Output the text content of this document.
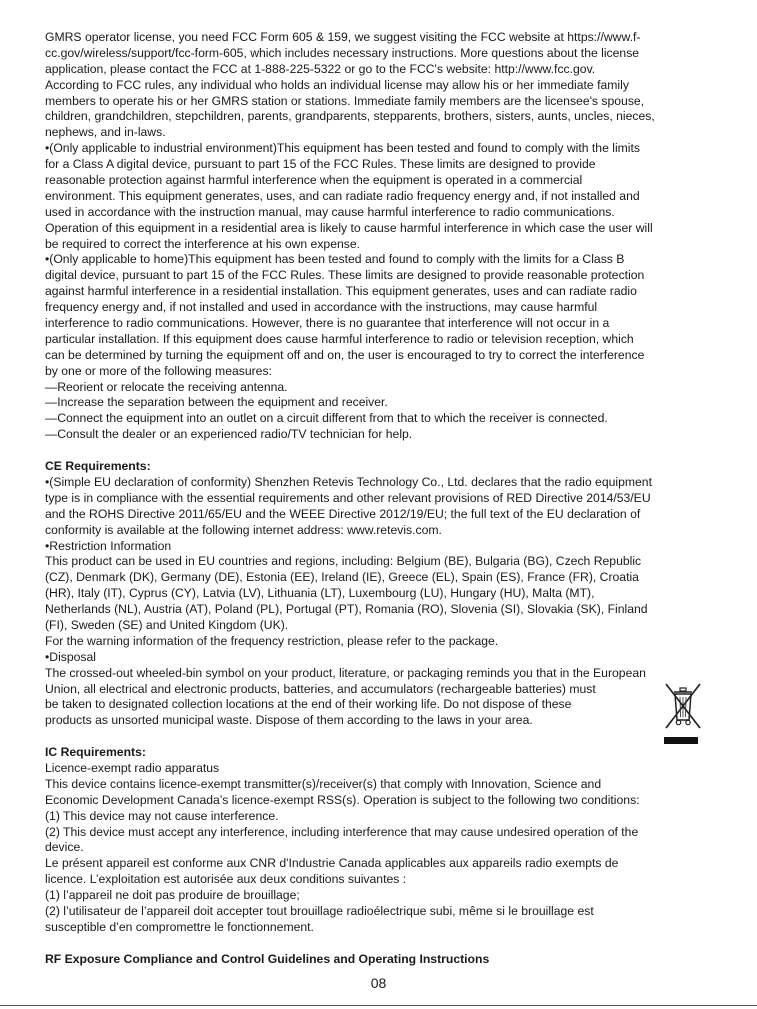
GMRS operator license, you need FCC Form 605 & 159, we suggest visiting the FCC website at https://www.f-
cc.gov/wireless/support/fcc-form-605, which includes necessary instructions. More questions about the license
application, please contact the FCC at 1-888-225-5322 or go to the FCC's website: http://www.fcc.gov.
According to FCC rules, any individual who holds an individual license may allow his or her immediate family
members to operate his or her GMRS station or stations. Immediate family members are the licensee's spouse,
children, grandchildren, stepchildren, parents, grandparents, stepparents, brothers, sisters, aunts, uncles, nieces,
nephews, and in-laws.
•(Only applicable to industrial environment)This equipment has been tested and found to comply with the limits
for a Class A digital device, pursuant to part 15 of the FCC Rules. These limits are designed to provide
reasonable protection against harmful interference when the equipment is operated in a commercial
environment. This equipment generates, uses, and can radiate radio frequency energy and, if not installed and
used in accordance with the instruction manual, may cause harmful interference to radio communications.
Operation of this equipment in a residential area is likely to cause harmful interference in which case the user will
be required to correct the interference at his own expense.
•(Only applicable to home)This equipment has been tested and found to comply with the limits for a Class B
digital device, pursuant to part 15 of the FCC Rules. These limits are designed to provide reasonable protection
against harmful interference in a residential installation. This equipment generates, uses and can radiate radio
frequency energy and, if not installed and used in accordance with the instructions, may cause harmful
interference to radio communications. However, there is no guarantee that interference will not occur in a
particular installation. If this equipment does cause harmful interference to radio or television reception, which
can be determined by turning the equipment off and on, the user is encouraged to try to correct the interference
by one or more of the following measures:
—Reorient or relocate the receiving antenna.
—Increase the separation between the equipment and receiver.
—Connect the equipment into an outlet on a circuit different from that to which the receiver is connected.
—Consult the dealer or an experienced radio/TV technician for help.
CE Requirements:
•(Simple EU declaration of conformity) Shenzhen Retevis Technology Co., Ltd. declares that the radio equipment
type is in compliance with the essential requirements and other relevant provisions of RED Directive 2014/53/EU
and the ROHS Directive 2011/65/EU and the WEEE Directive 2012/19/EU; the full text of the EU declaration of
conformity is available at the following internet address: www.retevis.com.
•Restriction Information
This product can be used in EU countries and regions, including: Belgium (BE), Bulgaria (BG), Czech Republic
(CZ), Denmark (DK), Germany (DE), Estonia (EE), Ireland (IE), Greece (EL), Spain (ES), France (FR), Croatia
(HR), Italy (IT), Cyprus (CY), Latvia (LV), Lithuania (LT), Luxembourg (LU), Hungary (HU), Malta (MT),
Netherlands (NL), Austria (AT), Poland (PL), Portugal (PT), Romania (RO), Slovenia (SI), Slovakia (SK), Finland
(FI), Sweden (SE) and United Kingdom (UK).
For the warning information of the frequency restriction, please refer to the package.
•Disposal
The crossed-out wheeled-bin symbol on your product, literature, or packaging reminds you that in the European
Union, all electrical and electronic products, batteries, and accumulators (rechargeable batteries) must
be taken to designated collection locations at the end of their working life. Do not dispose of these
products as unsorted municipal waste. Dispose of them according to the laws in your area.
IC Requirements:
Licence-exempt radio apparatus
This device contains licence-exempt transmitter(s)/receiver(s) that comply with Innovation, Science and
Economic Development Canada’s licence-exempt RSS(s). Operation is subject to the following two conditions:
(1) This device may not cause interference.
(2) This device must accept any interference, including interference that may cause undesired operation of the
device.
Le présent appareil est conforme aux CNR d'Industrie Canada applicables aux appareils radio exempts de
licence. L’exploitation est autorisée aux deux conditions suivantes :
(1) l’appareil ne doit pas produire de brouillage;
(2) l’utilisateur de l’appareil doit accepter tout brouillage radioélectrique subi, même si le brouillage est
susceptible d’en compromettre le fonctionnement.
RF Exposure Compliance and Control Guidelines and Operating Instructions
08
